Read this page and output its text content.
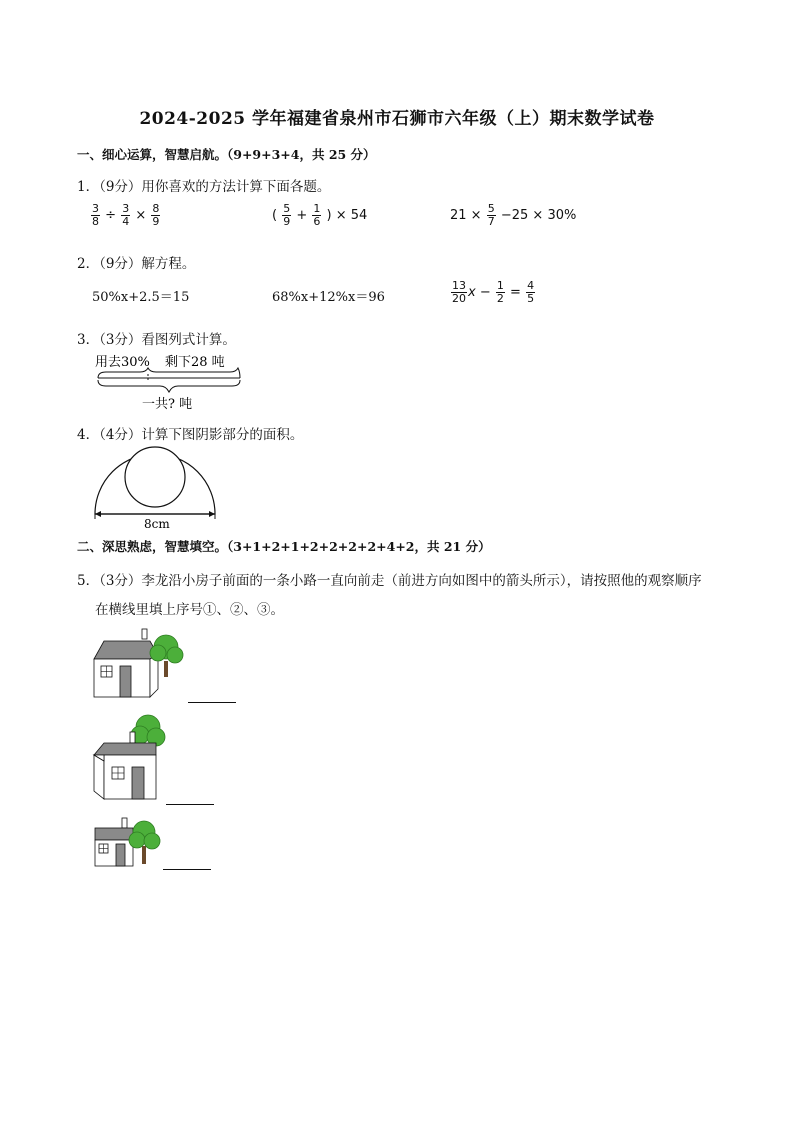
2024-2025 学年福建省泉州市石狮市六年级（上）期末数学试卷
一、细心运算，智慧启航。（9+9+3+4，共 25 分）
1．（9分）用你喜欢的方法计算下面各题。
$\frac{3}{8} \div \frac{3}{4} \times \frac{8}{9}$	( $\frac{5}{9} + \frac{1}{6}$ ) × 54	$21 \times \frac{5}{7} -25 \times 30\%$
2．（9分）解方程。
50%x+2.5＝15	68%x+12%x＝96	$\frac{13}{20}$ $x - \frac{1}{2} = \frac{4}{5}$
3．（3分）看图列式计算。
用去30% 剩下28 吨
一共? 吨
4．（4分）计算下图阴影部分的面积。
8cm
二、深思熟虑，智慧填空。（3+1+2+1+2+2+2+2+4+2，共 21 分）
5．（3分）李龙沿小房子前面的一条小路一直向前走（前进方向如图中的箭头所示），请按照他的观察顺序
在横线里填上序号①、②、③。
